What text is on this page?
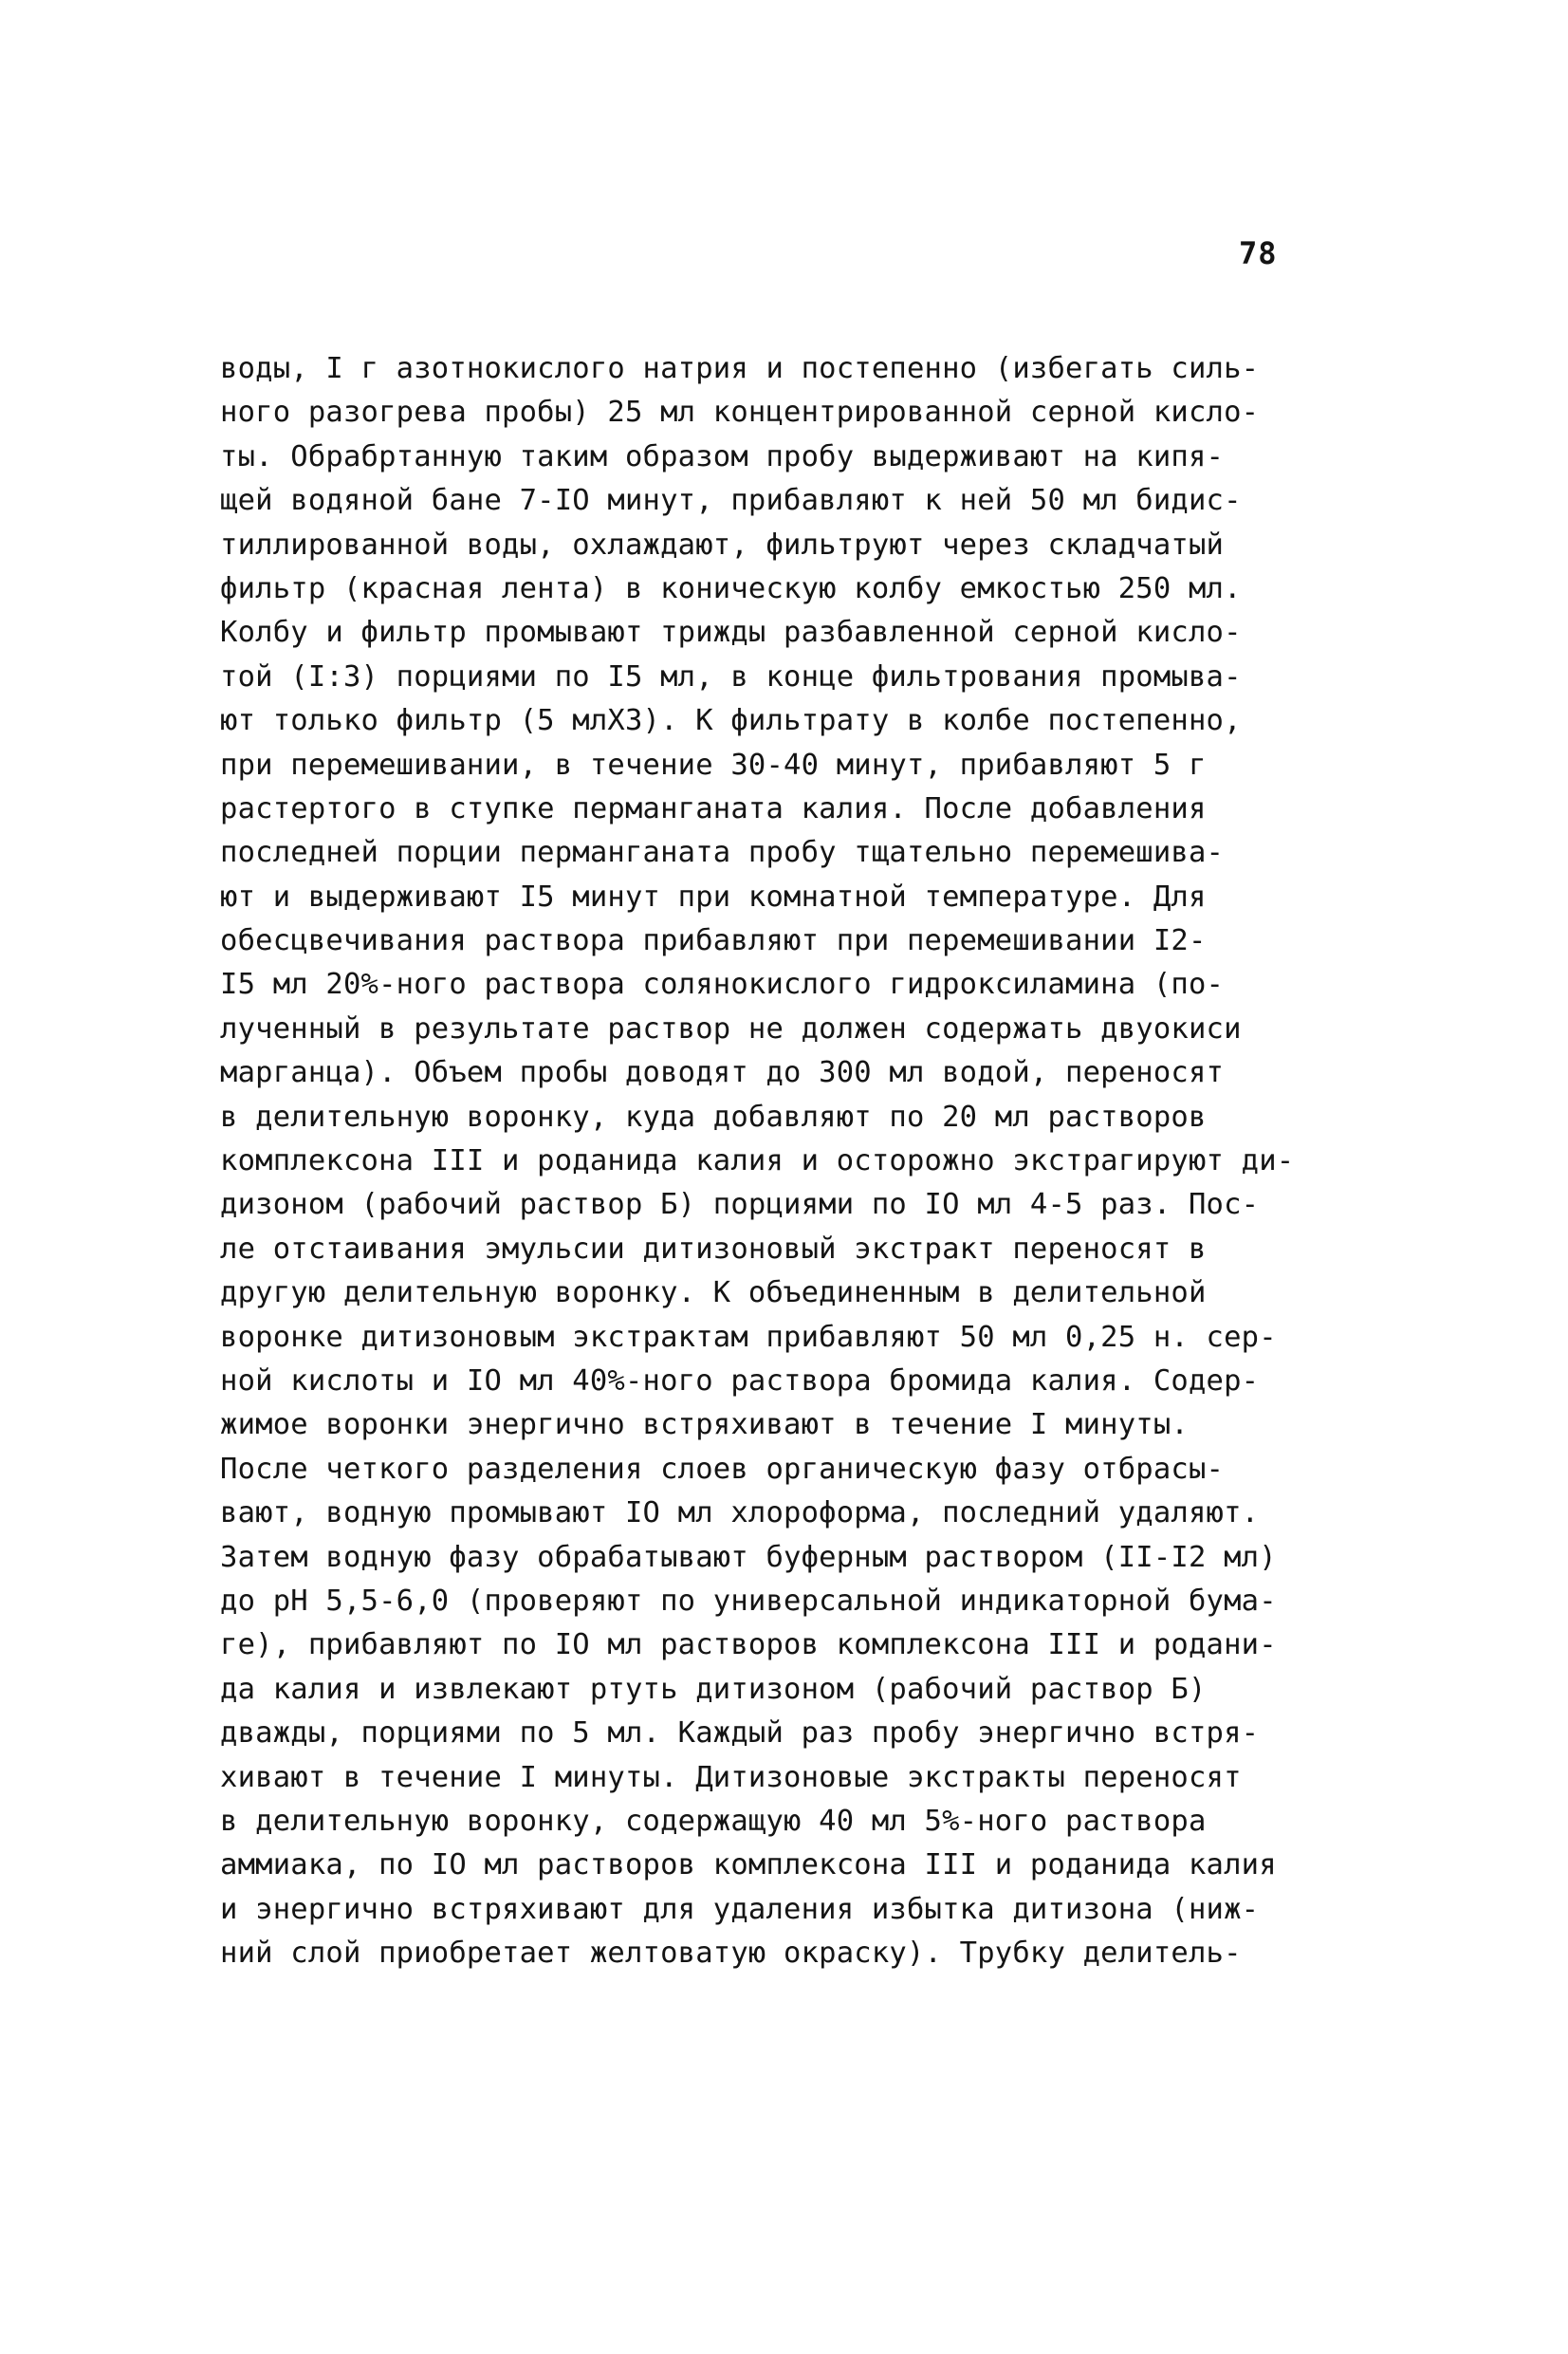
78
воды, I г азотнокислого натрия и постепенно (избегать силь-
ного разогрева пробы) 25 мл концентрированной серной кисло-
ты. Обрабртанную таким образом пробу выдерживают на кипя-
щей водяной бане 7-IO минут, прибавляют к ней 50 мл бидис-
тиллированной воды, охлаждают, фильтруют через складчатый
фильтр (красная лента) в коническую колбу емкостью 250 мл.
Колбу и фильтр промывают трижды разбавленной серной кисло-
той (I:3) порциями по I5 мл, в конце фильтрования промыва-
ют только фильтр (5 млХ3). К фильтрату в колбе постепенно,
при перемешивании, в течение 30-40 минут, прибавляют 5 г
растертого в ступке перманганата калия. После добавления
последней порции перманганата пробу тщательно перемешива-
ют и выдерживают I5 минут при комнатной температуре. Для
обесцвечивания раствора прибавляют при перемешивании I2-
I5 мл 20%-ного раствора солянокислого гидроксиламина (по-
лученный в результате раствор не должен содержать двуокиси
марганца). Объем пробы доводят до 300 мл водой, переносят
в делительную воронку, куда добавляют по 20 мл растворов
комплексона III и роданида калия и осторожно экстрагируют ди-
дизоном (рабочий раствор Б) порциями по IO мл 4-5 раз. Пос-
ле отстаивания эмульсии дитизоновый экстракт переносят в
другую делительную воронку. К объединенным в делительной
воронке дитизоновым экстрактам прибавляют 50 мл 0,25 н. сер-
ной кислоты и IO мл 40%-ного раствора бромида калия. Содер-
жимое воронки энергично встряхивают в течение I минуты.
После четкого разделения слоев органическую фазу отбрасы-
вают, водную промывают IO мл хлороформа, последний удаляют.
Затем водную фазу обрабатывают буферным раствором (II-I2 мл)
до pH 5,5-6,0 (проверяют по универсальной индикаторной бума-
ге), прибавляют по IO мл растворов комплексона III и родани-
да калия и извлекают ртуть дитизоном (рабочий раствор Б)
дважды, порциями по 5 мл. Каждый раз пробу энергично встря-
хивают в течение I минуты. Дитизоновые экстракты переносят
в делительную воронку, содержащую 40 мл 5%-ного раствора
аммиака, по IO мл растворов комплексона III и роданида калия
и энергично встряхивают для удаления избытка дитизона (ниж-
ний слой приобретает желтоватую окраску). Трубку делитель-
